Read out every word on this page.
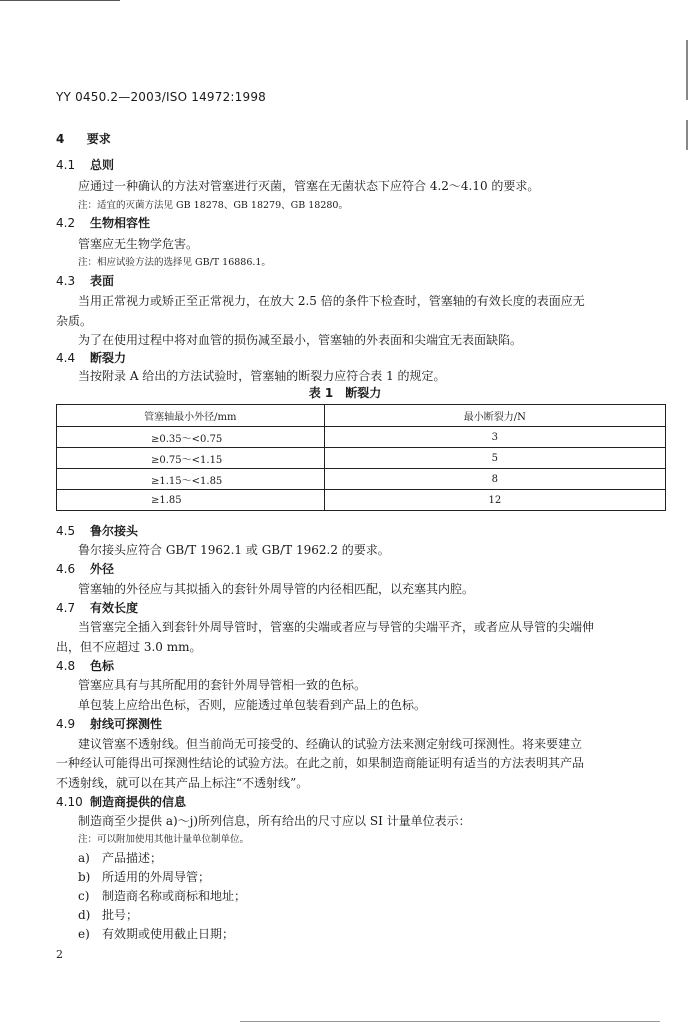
YY 0450.2—2003/ISO 14972:1998
4 要求
4.1 总则
应通过一种确认的方法对管塞进行灭菌，管塞在无菌状态下应符合 4.2～4.10 的要求。
注：适宜的灭菌方法见 GB 18278、GB 18279、GB 18280。
4.2 生物相容性
管塞应无生物学危害。
注：相应试验方法的选择见 GB/T 16886.1。
4.3 表面
当用正常视力或矫正至正常视力，在放大 2.5 倍的条件下检查时，管塞轴的有效长度的表面应无
杂质。
为了在使用过程中将对血管的损伤减至最小，管塞轴的外表面和尖端宜无表面缺陷。
4.4 断裂力
当按附录 A 给出的方法试验时，管塞轴的断裂力应符合表 1 的规定。
表 1　断裂力
管塞轴最小外径/mm	最小断裂力/N
≥0.35～<0.75	3
≥0.75～<1.15	5
≥1.15～<1.85	8
≥1.85	12
4.5 鲁尔接头
鲁尔接头应符合 GB/T 1962.1 或 GB/T 1962.2 的要求。
4.6 外径
管塞轴的外径应与其拟插入的套针外周导管的内径相匹配，以充塞其内腔。
4.7 有效长度
当管塞完全插入到套针外周导管时，管塞的尖端或者应与导管的尖端平齐，或者应从导管的尖端伸
出，但不应超过 3.0 mm。
4.8 色标
管塞应具有与其所配用的套针外周导管相一致的色标。
单包装上应给出色标，否则，应能透过单包装看到产品上的色标。
4.9 射线可探测性
建议管塞不透射线。但当前尚无可接受的、经确认的试验方法来测定射线可探测性。将来要建立
一种经认可能得出可探测性结论的试验方法。在此之前，如果制造商能证明有适当的方法表明其产品
不透射线，就可以在其产品上标注“不透射线”。
4.10 制造商提供的信息
制造商至少提供 a)～j)所列信息，所有给出的尺寸应以 SI 计量单位表示：
注：可以附加使用其他计量单位制单位。
a) 产品描述；
b) 所适用的外周导管；
c) 制造商名称或商标和地址；
d) 批号；
e) 有效期或使用截止日期；
2
